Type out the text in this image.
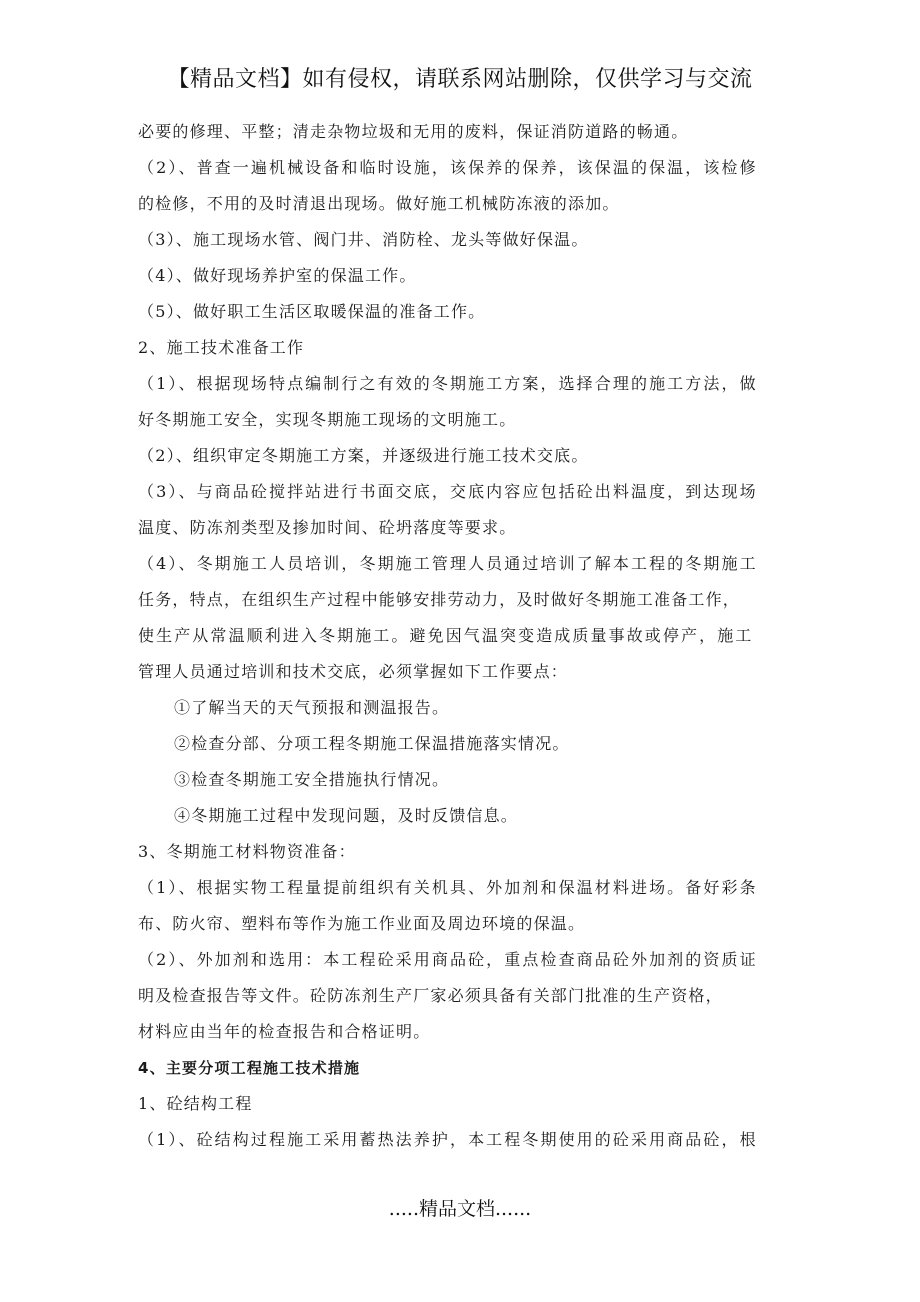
【精品文档】如有侵权，请联系网站删除，仅供学习与交流
必要的修理、平整；清走杂物垃圾和无用的废料，保证消防道路的畅通。
（2）、普查一遍机械设备和临时设施，该保养的保养，该保温的保温，该检修
的检修，不用的及时清退出现场。做好施工机械防冻液的添加。
（3）、施工现场水管、阀门井、消防栓、龙头等做好保温。
（4）、做好现场养护室的保温工作。
（5）、做好职工生活区取暖保温的准备工作。
2、施工技术准备工作
（1）、根据现场特点编制行之有效的冬期施工方案，选择合理的施工方法，做
好冬期施工安全，实现冬期施工现场的文明施工。
（2）、组织审定冬期施工方案，并逐级进行施工技术交底。
（3）、与商品砼搅拌站进行书面交底，交底内容应包括砼出料温度，到达现场
温度、防冻剂类型及掺加时间、砼坍落度等要求。
（4）、冬期施工人员培训，冬期施工管理人员通过培训了解本工程的冬期施工
任务，特点，在组织生产过程中能够安排劳动力，及时做好冬期施工准备工作，
使生产从常温顺利进入冬期施工。避免因气温突变造成质量事故或停产，施工
管理人员通过培训和技术交底，必须掌握如下工作要点：
①了解当天的天气预报和测温报告。
②检查分部、分项工程冬期施工保温措施落实情况。
③检查冬期施工安全措施执行情况。
④冬期施工过程中发现问题，及时反馈信息。
3、冬期施工材料物资准备：
（1）、根据实物工程量提前组织有关机具、外加剂和保温材料进场。备好彩条
布、防火帘、塑料布等作为施工作业面及周边环境的保温。
（2）、外加剂和选用：本工程砼采用商品砼，重点检查商品砼外加剂的资质证
明及检查报告等文件。砼防冻剂生产厂家必须具备有关部门批准的生产资格，
材料应由当年的检查报告和合格证明。
4、主要分项工程施工技术措施
1、砼结构工程
（1）、砼结构过程施工采用蓄热法养护，本工程冬期使用的砼采用商品砼，根
.....精品文档......
